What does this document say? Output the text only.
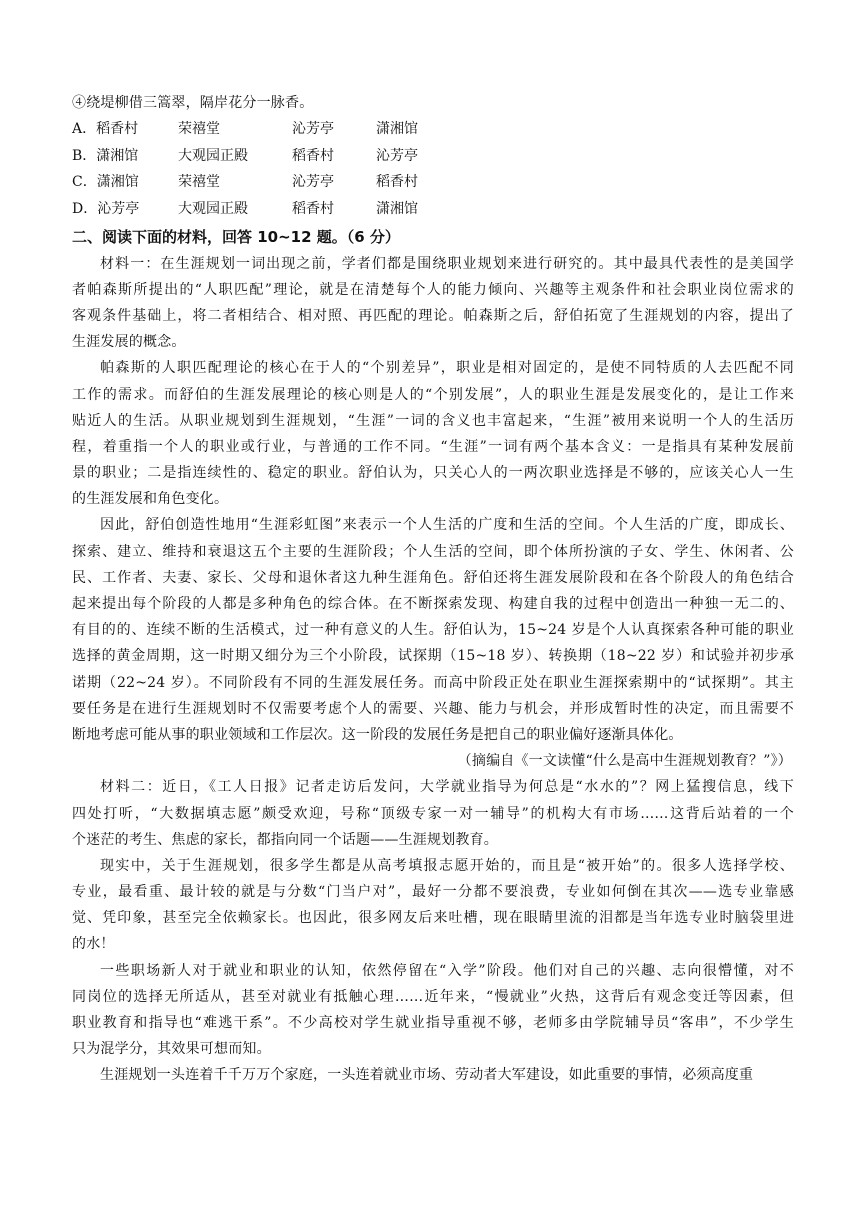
④绕堤柳借三篙翠，隔岸花分一脉香。
A．稻香村	荣禧堂	沁芳亭	潇湘馆
B．潇湘馆	大观园正殿	稻香村	沁芳亭
C．潇湘馆	荣禧堂	沁芳亭	稻香村
D．沁芳亭	大观园正殿	稻香村	潇湘馆
二、阅读下面的材料，回答 10~12 题。（6 分）
材料一：在生涯规划一词出现之前，学者们都是围绕职业规划来进行研究的。其中最具代表性的是美国学
者帕森斯所提出的“人职匹配”理论，就是在清楚每个人的能力倾向、兴趣等主观条件和社会职业岗位需求的
客观条件基础上，将二者相结合、相对照、再匹配的理论。帕森斯之后，舒伯拓宽了生涯规划的内容，提出了
生涯发展的概念。
帕森斯的人职匹配理论的核心在于人的“个别差异”，职业是相对固定的，是使不同特质的人去匹配不同
工作的需求。而舒伯的生涯发展理论的核心则是人的“个别发展”，人的职业生涯是发展变化的，是让工作来
贴近人的生活。从职业规划到生涯规划，“生涯”一词的含义也丰富起来，“生涯”被用来说明一个人的生活历
程，着重指一个人的职业或行业，与普通的工作不同。“生涯”一词有两个基本含义：一是指具有某种发展前
景的职业；二是指连续性的、稳定的职业。舒伯认为，只关心人的一两次职业选择是不够的，应该关心人一生
的生涯发展和角色变化。
因此，舒伯创造性地用“生涯彩虹图”来表示一个人生活的广度和生活的空间。个人生活的广度，即成长、
探索、建立、维持和衰退这五个主要的生涯阶段；个人生活的空间，即个体所扮演的子女、学生、休闲者、公
民、工作者、夫妻、家长、父母和退休者这九种生涯角色。舒伯还将生涯发展阶段和在各个阶段人的角色结合
起来提出每个阶段的人都是多种角色的综合体。在不断探索发现、构建自我的过程中创造出一种独一无二的、
有目的的、连续不断的生活模式，过一种有意义的人生。舒伯认为，15~24 岁是个人认真探索各种可能的职业
选择的黄金周期，这一时期又细分为三个小阶段，试探期（15~18 岁）、转换期（18~22 岁）和试验并初步承
诺期（22~24 岁）。不同阶段有不同的生涯发展任务。而高中阶段正处在职业生涯探索期中的“试探期”。其主
要任务是在进行生涯规划时不仅需要考虑个人的需要、兴趣、能力与机会，并形成暂时性的决定，而且需要不
断地考虑可能从事的职业领域和工作层次。这一阶段的发展任务是把自己的职业偏好逐渐具体化。
（摘编自《一文读懂“什么是高中生涯规划教育？”》）
材料二：近日，《工人日报》记者走访后发问，大学就业指导为何总是“水水的”？网上猛搜信息，线下
四处打听，“大数据填志愿”颇受欢迎，号称“顶级专家一对一辅导”的机构大有市场……这背后站着的一个
个迷茫的考生、焦虑的家长，都指向同一个话题——生涯规划教育。
现实中，关于生涯规划，很多学生都是从高考填报志愿开始的，而且是“被开始”的。很多人选择学校、
专业，最看重、最计较的就是与分数“门当户对”，最好一分都不要浪费，专业如何倒在其次——选专业靠感
觉、凭印象，甚至完全依赖家长。也因此，很多网友后来吐槽，现在眼睛里流的泪都是当年选专业时脑袋里进
的水！
一些职场新人对于就业和职业的认知，依然停留在“入学”阶段。他们对自己的兴趣、志向很懵懂，对不
同岗位的选择无所适从，甚至对就业有抵触心理……近年来，“慢就业”火热，这背后有观念变迁等因素，但
职业教育和指导也“难逃干系”。不少高校对学生就业指导重视不够，老师多由学院辅导员“客串”，不少学生
只为混学分，其效果可想而知。
生涯规划一头连着千千万万个家庭，一头连着就业市场、劳动者大军建设，如此重要的事情，必须高度重
